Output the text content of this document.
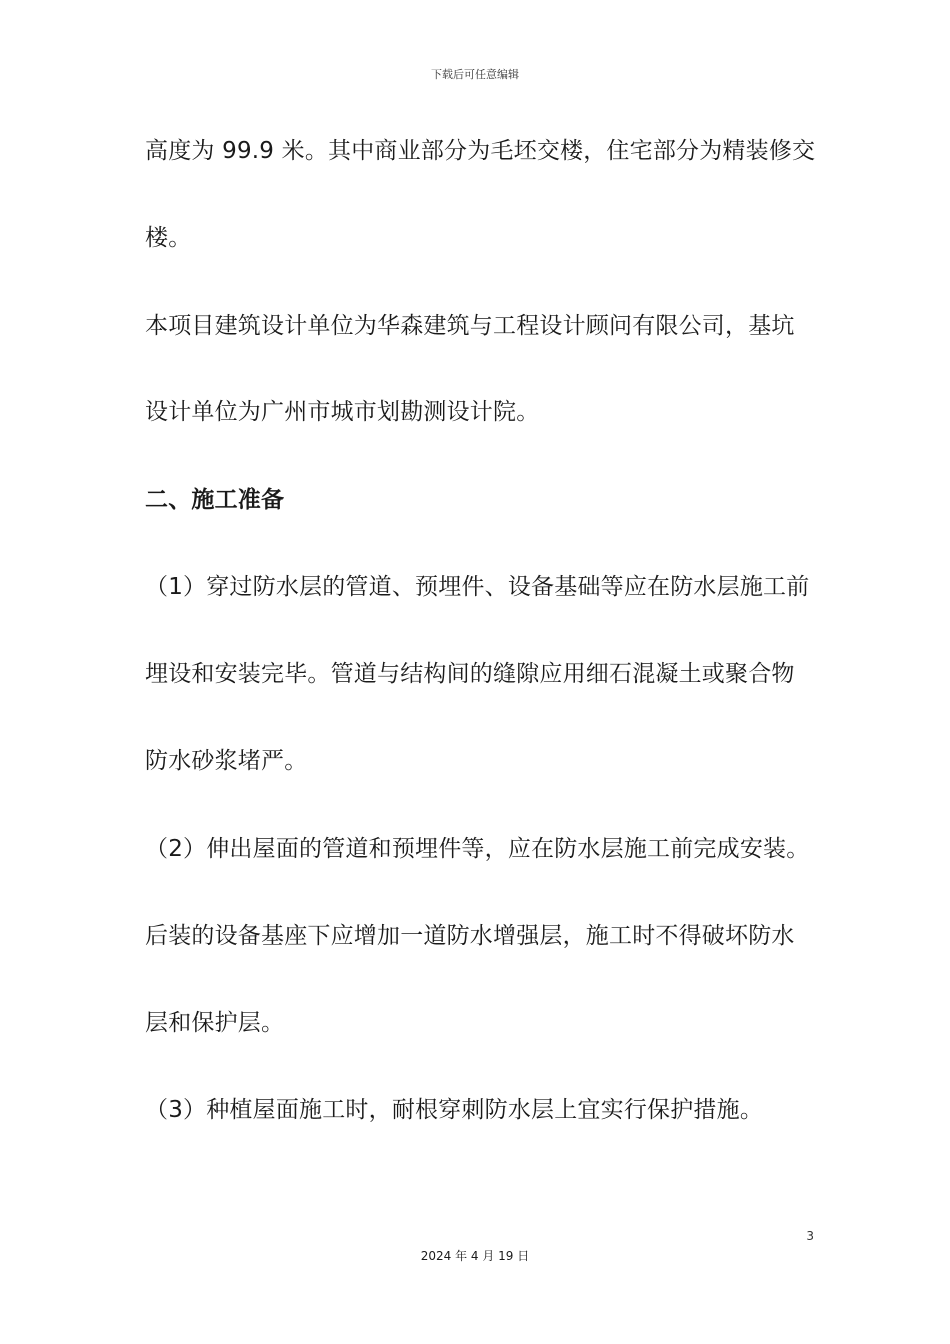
下载后可任意编辑
高度为 99.9 米。其中商业部分为毛坯交楼，住宅部分为精装修交
楼。
本项目建筑设计单位为华森建筑与工程设计顾问有限公司，基坑
设计单位为广州市城市划勘测设计院。
二、施工准备
（1）穿过防水层的管道、预埋件、设备基础等应在防水层施工前
埋设和安装完毕。管道与结构间的缝隙应用细石混凝土或聚合物
防水砂浆堵严。
（2）伸出屋面的管道和预埋件等，应在防水层施工前完成安装。
后装的设备基座下应增加一道防水增强层，施工时不得破坏防水
层和保护层。
（3）种植屋面施工时，耐根穿刺防水层上宜实行保护措施。
3
2024 年 4 月 19 日
